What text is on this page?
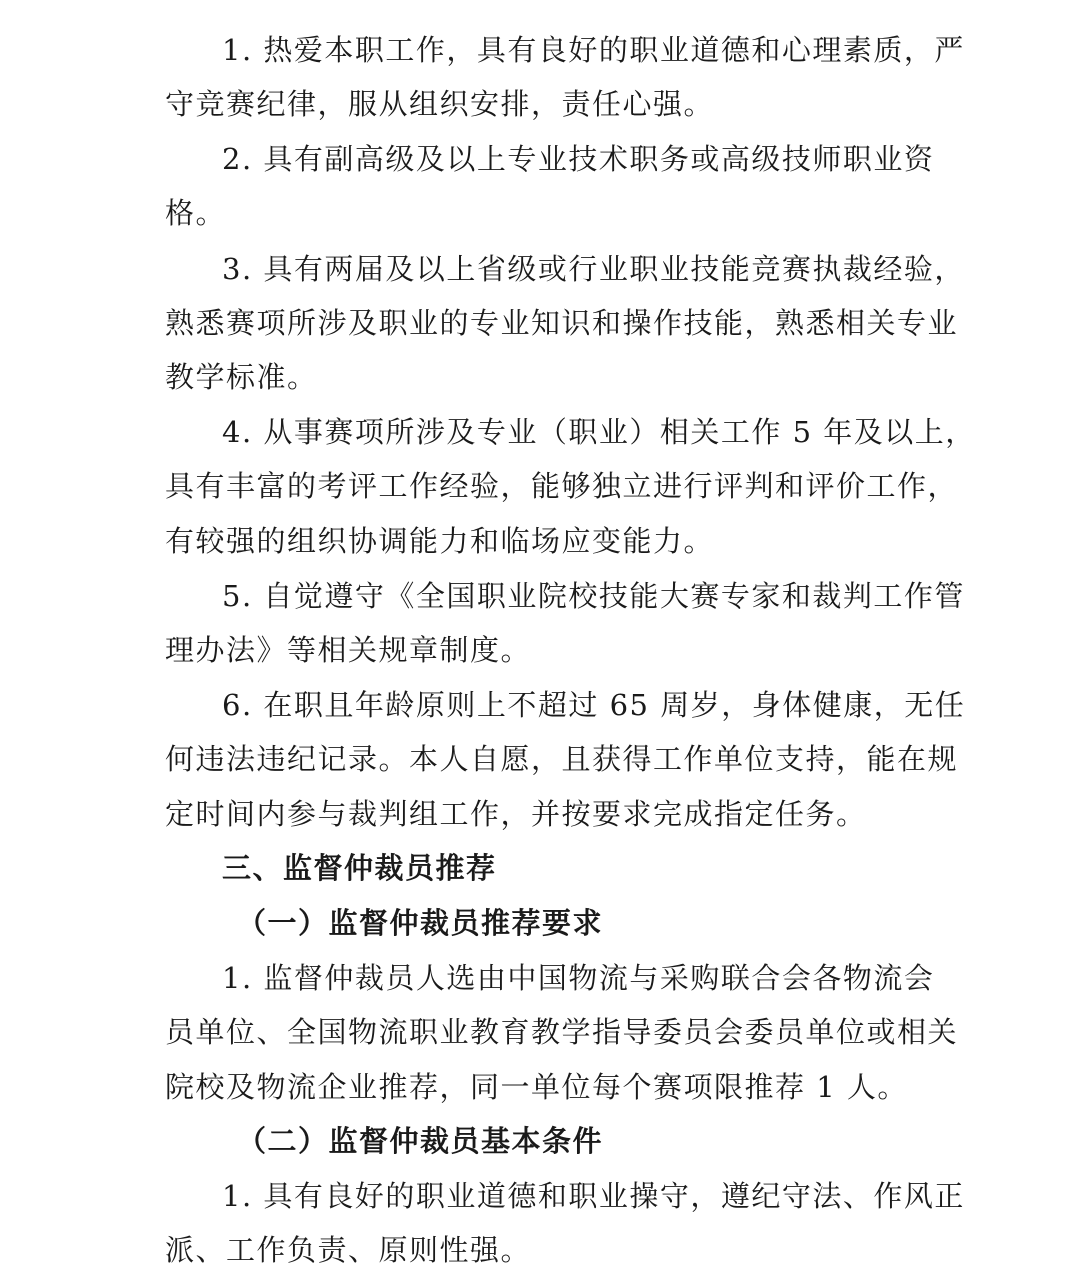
1. 热爱本职工作，具有良好的职业道德和心理素质，严
守竞赛纪律，服从组织安排，责任心强。
2. 具有副高级及以上专业技术职务或高级技师职业资
格。
3. 具有两届及以上省级或行业职业技能竞赛执裁经验，
熟悉赛项所涉及职业的专业知识和操作技能，熟悉相关专业
教学标准。
4. 从事赛项所涉及专业（职业）相关工作 5 年及以上，
具有丰富的考评工作经验，能够独立进行评判和评价工作，
有较强的组织协调能力和临场应变能力。
5. 自觉遵守《全国职业院校技能大赛专家和裁判工作管
理办法》等相关规章制度。
6. 在职且年龄原则上不超过 65 周岁，身体健康，无任
何违法违纪记录。本人自愿，且获得工作单位支持，能在规
定时间内参与裁判组工作，并按要求完成指定任务。
三、监督仲裁员推荐
（一）监督仲裁员推荐要求
1. 监督仲裁员人选由中国物流与采购联合会各物流会
员单位、全国物流职业教育教学指导委员会委员单位或相关
院校及物流企业推荐，同一单位每个赛项限推荐 1 人。
（二）监督仲裁员基本条件
1. 具有良好的职业道德和职业操守，遵纪守法、作风正
派、工作负责、原则性强。
